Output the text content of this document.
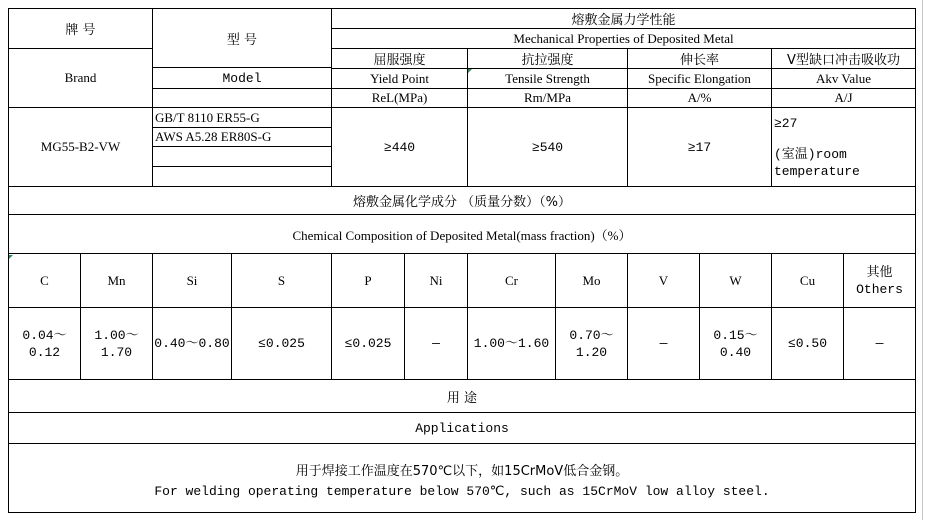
牌 号
Brand
型 号
Model
熔敷金属力学性能
Mechanical Properties of Deposited Metal
屈服强度
Yield Point
ReL(MPa)
抗拉强度
Tensile Strength
Rm/MPa
伸长率
Specific Elongation
A/%
V型缺口冲击吸收功
Akv Value
A/J
MG55-B2-VW
GB/T 8110 ER55-G
AWS A5.28 ER80S-G
≥440	≥540	≥17
≥27
(室温)room
temperature
熔敷金属化学成分 （质量分数）（%）
Chemical Composition of Deposited Metal(mass fraction)（%）
C
0.04～
0.12
Mn
1.00～
1.70
Si
0.40～0.80
S
≤0.025
P
≤0.025
Ni
—
Cr
1.00～1.60
Mo
0.70～
1.20
V
—
W
0.15～
0.40
Cu
≤0.50
其他
Others
—
用 途
Applications
用于焊接工作温度在570℃以下，如15CrMoV低合金钢。
For welding operating temperature below 570℃, such as 15CrMoV low alloy steel.
